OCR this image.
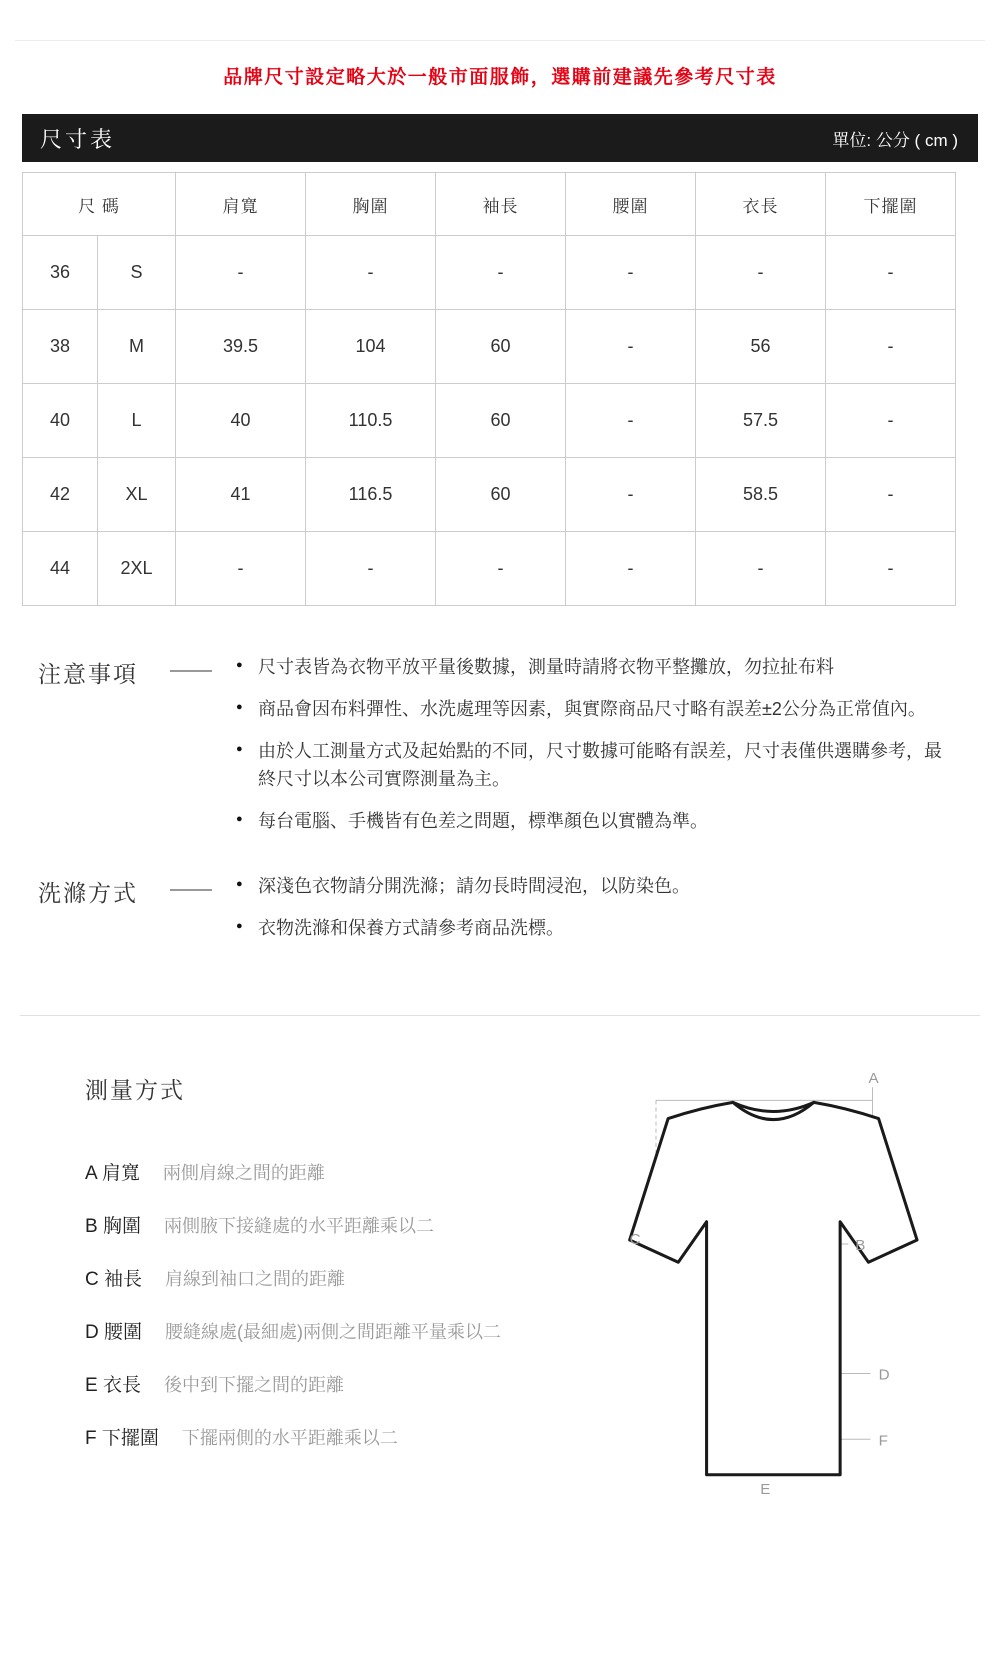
品牌尺寸設定略大於一般市面服飾，選購前建議先參考尺寸表

尺寸表	單位: 公分 ( cm )
尺 碼		肩寬	胸圍	袖長	腰圍	衣長	下擺圍
36	S	-	-	-	-	-	-
38	M	39.5	104	60	-	56	-
40	L	40	110.5	60	-	57.5	-
42	XL	41	116.5	60	-	58.5	-
44	2XL	-	-	-	-	-	-
注意事項	● 尺寸表皆為衣物平放平量後數據，測量時請將衣物平整攤放，勿拉扯布料
● 商品會因布料彈性、水洗處理等因素，與實際商品尺寸略有誤差±2公分為正常值內。
● 由於人工測量方式及起始點的不同，尺寸數據可能略有誤差，尺寸表僅供選購參考，最終尺寸以本公司實際測量為主。
● 每台電腦、手機皆有色差之問題，標準顏色以實體為準。
洗滌方式	● 深淺色衣物請分開洗滌；請勿長時間浸泡，以防染色。
● 衣物洗滌和保養方式請參考商品洗標。
測量方式
A 肩寬 兩側肩線之間的距離
B 胸圍 兩側腋下接縫處的水平距離乘以二
C 袖長 肩線到袖口之間的距離
D 腰圍 腰縫線處(最細處)兩側之間距離平量乘以二
E 衣長 後中到下擺之間的距離
F 下擺圍 下擺兩側的水平距離乘以二
A
B
C
D
E
F
